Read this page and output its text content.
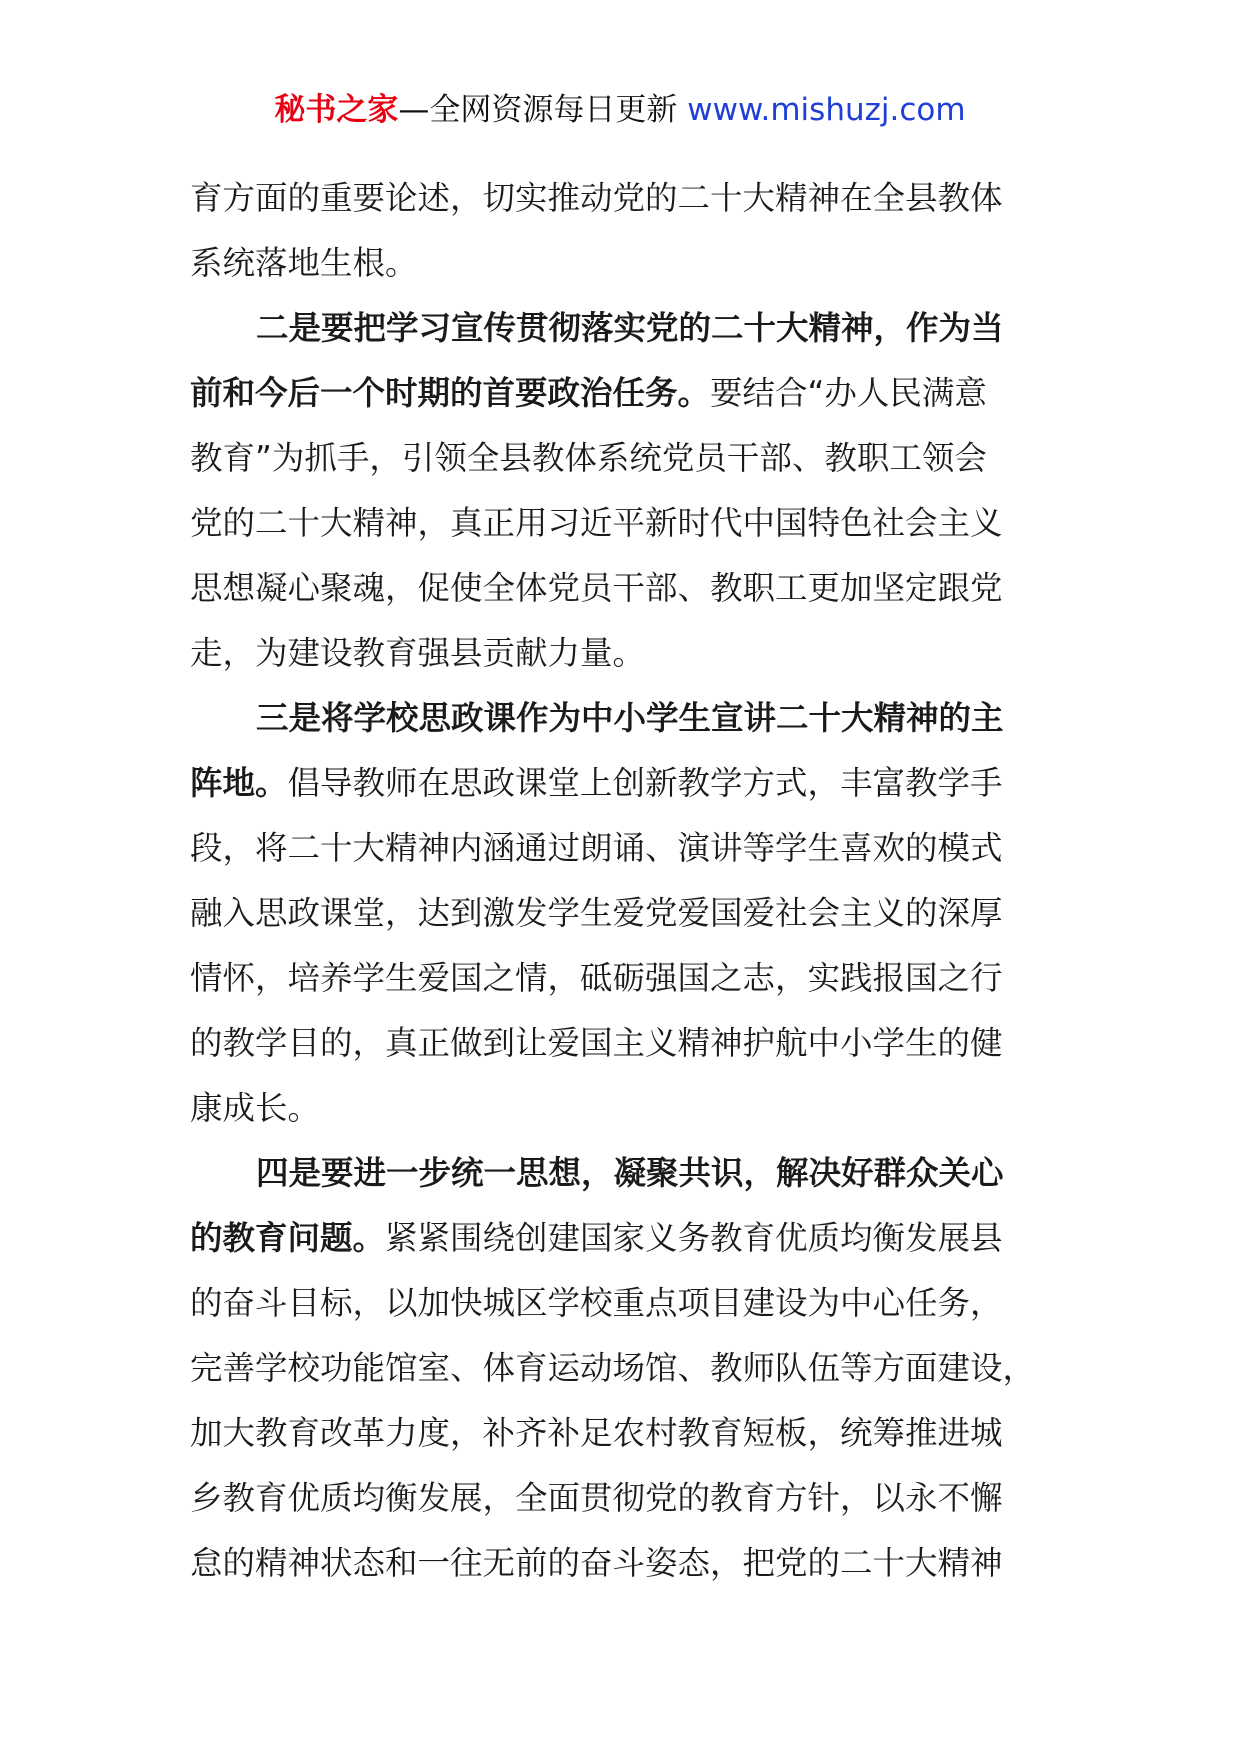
秘书之家—全网资源每日更新 www.mishuzj.com
育方面的重要论述，切实推动党的二十大精神在全县教体
系统落地生根。
二是要把学习宣传贯彻落实党的二十大精神，作为当
前和今后一个时期的首要政治任务。要结合“办人民满意
教育”为抓手，引领全县教体系统党员干部、教职工领会
党的二十大精神，真正用习近平新时代中国特色社会主义
思想凝心聚魂，促使全体党员干部、教职工更加坚定跟党
走，为建设教育强县贡献力量。
三是将学校思政课作为中小学生宣讲二十大精神的主
阵地。倡导教师在思政课堂上创新教学方式，丰富教学手
段，将二十大精神内涵通过朗诵、演讲等学生喜欢的模式
融入思政课堂，达到激发学生爱党爱国爱社会主义的深厚
情怀，培养学生爱国之情，砥砺强国之志，实践报国之行
的教学目的，真正做到让爱国主义精神护航中小学生的健
康成长。
四是要进一步统一思想，凝聚共识，解决好群众关心
的教育问题。紧紧围绕创建国家义务教育优质均衡发展县
的奋斗目标，以加快城区学校重点项目建设为中心任务，
完善学校功能馆室、体育运动场馆、教师队伍等方面建设，
加大教育改革力度，补齐补足农村教育短板，统筹推进城
乡教育优质均衡发展，全面贯彻党的教育方针，以永不懈
怠的精神状态和一往无前的奋斗姿态，把党的二十大精神
